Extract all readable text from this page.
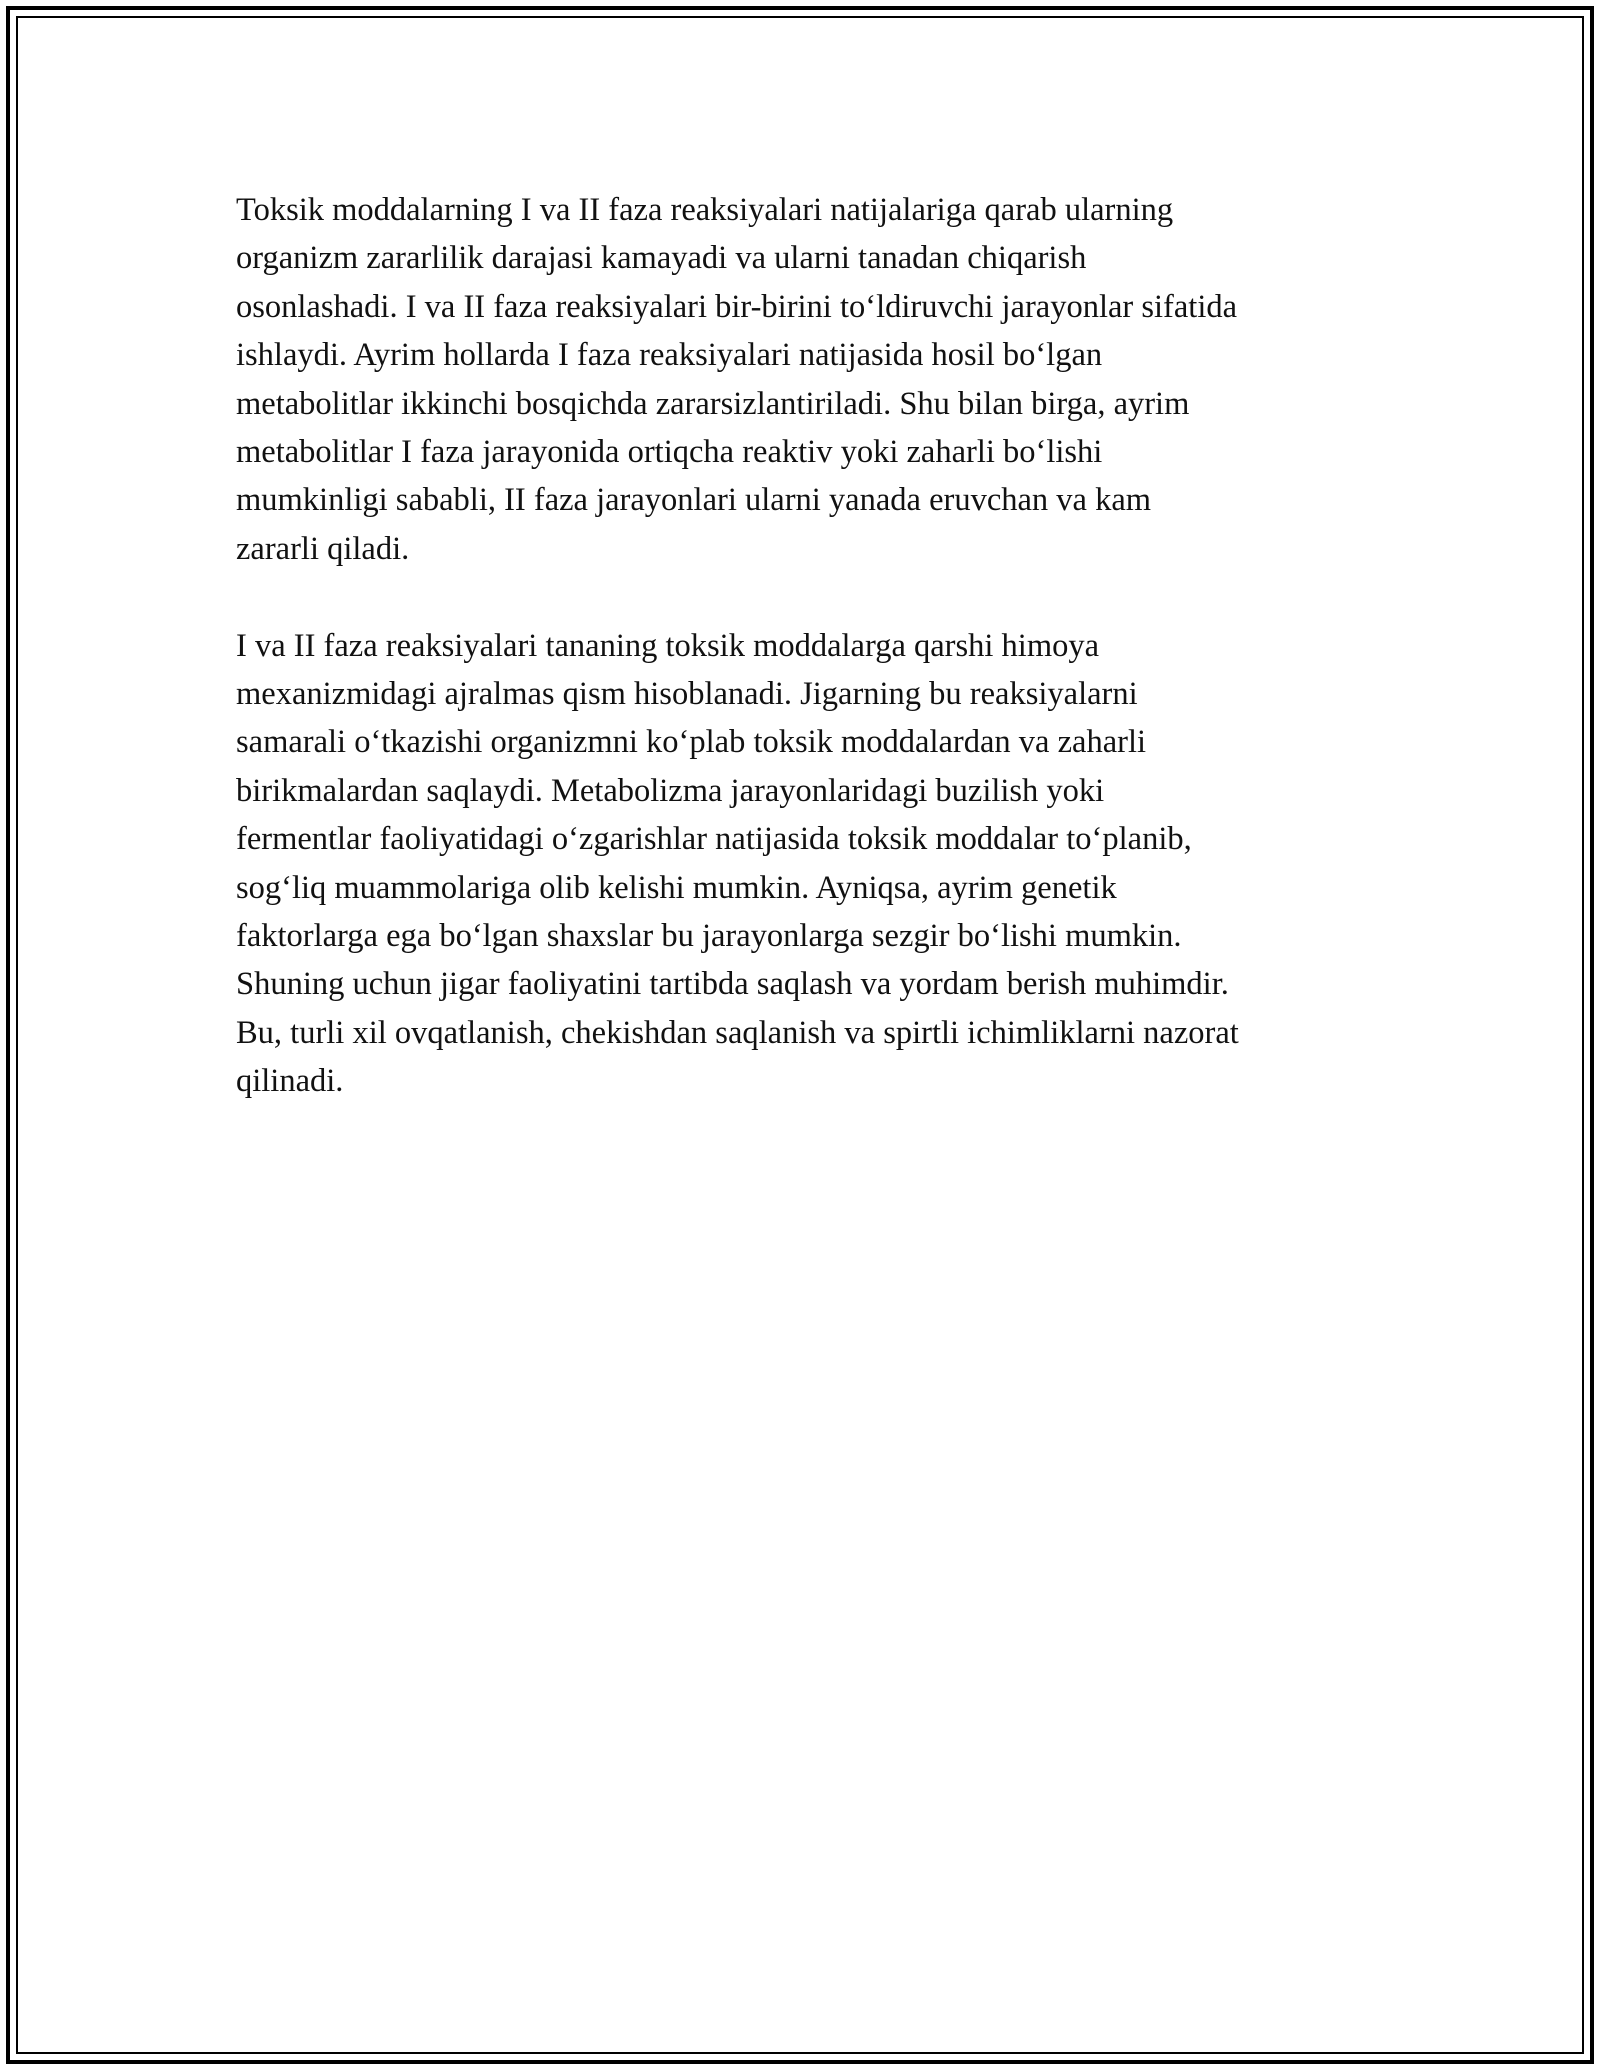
Toksik moddalarning I va II faza reaksiyalari natijalariga qarab ularning
organizm zararlilik darajasi kamayadi va ularni tanadan chiqarish
osonlashadi. I va II faza reaksiyalari bir-birini to‘ldiruvchi jarayonlar sifatida
ishlaydi. Ayrim hollarda I faza reaksiyalari natijasida hosil bo‘lgan
metabolitlar ikkinchi bosqichda zararsizlantiriladi. Shu bilan birga, ayrim
metabolitlar I faza jarayonida ortiqcha reaktiv yoki zaharli bo‘lishi
mumkinligi sababli, II faza jarayonlari ularni yanada eruvchan va kam
zararli qiladi.

I va II faza reaksiyalari tananing toksik moddalarga qarshi himoya
mexanizmidagi ajralmas qism hisoblanadi. Jigarning bu reaksiyalarni
samarali o‘tkazishi organizmni ko‘plab toksik moddalardan va zaharli
birikmalardan saqlaydi. Metabolizma jarayonlaridagi buzilish yoki
fermentlar faoliyatidagi o‘zgarishlar natijasida toksik moddalar to‘planib,
sog‘liq muammolariga olib kelishi mumkin. Ayniqsa, ayrim genetik
faktorlarga ega bo‘lgan shaxslar bu jarayonlarga sezgir bo‘lishi mumkin.
Shuning uchun jigar faoliyatini tartibda saqlash va yordam berish muhimdir.
Bu, turli xil ovqatlanish, chekishdan saqlanish va spirtli ichimliklarni nazorat
qilinadi.
